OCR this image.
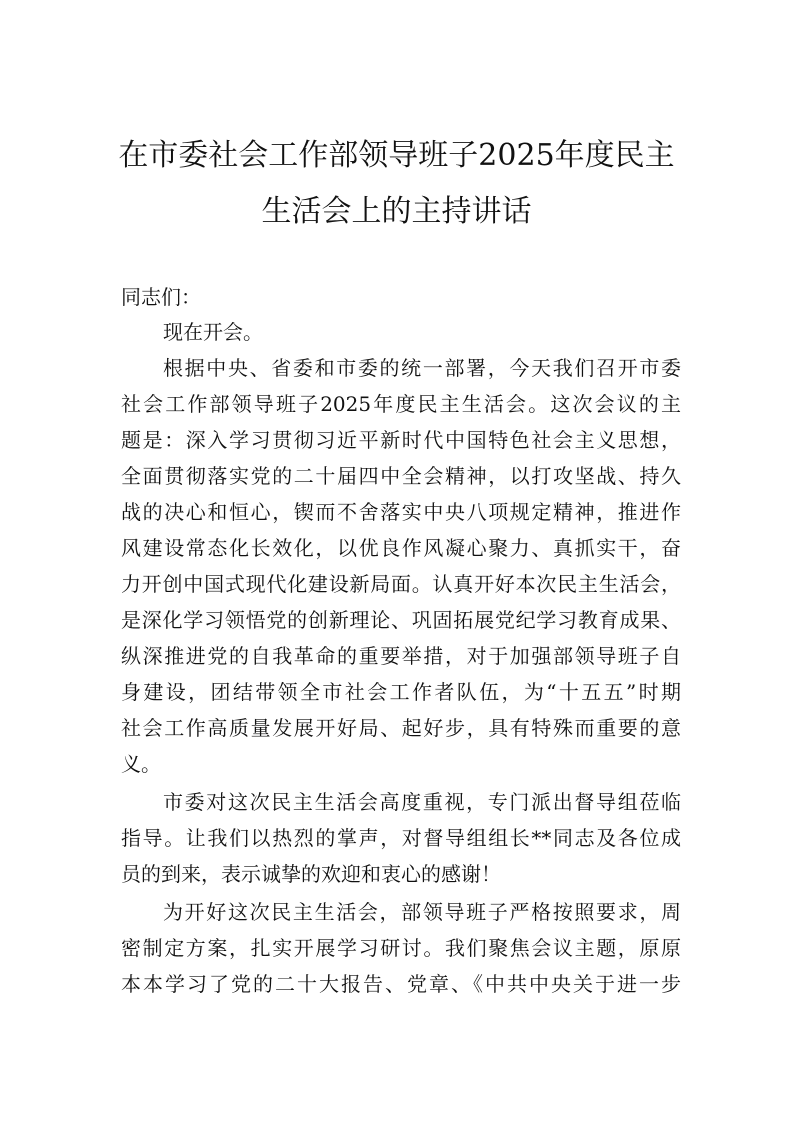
在市委社会工作部领导班子2025年度民主
生活会上的主持讲话
同志们：
现在开会。
根据中央、省委和市委的统一部署，今天我们召开市委
社会工作部领导班子2025年度民主生活会。这次会议的主
题是：深入学习贯彻习近平新时代中国特色社会主义思想，
全面贯彻落实党的二十届四中全会精神，以打攻坚战、持久
战的决心和恒心，锲而不舍落实中央八项规定精神，推进作
风建设常态化长效化，以优良作风凝心聚力、真抓实干，奋
力开创中国式现代化建设新局面。认真开好本次民主生活会，
是深化学习领悟党的创新理论、巩固拓展党纪学习教育成果、
纵深推进党的自我革命的重要举措，对于加强部领导班子自
身建设，团结带领全市社会工作者队伍，为“十五五”时期
社会工作高质量发展开好局、起好步，具有特殊而重要的意
义。
市委对这次民主生活会高度重视，专门派出督导组莅临
指导。让我们以热烈的掌声，对督导组组长**同志及各位成
员的到来，表示诚挚的欢迎和衷心的感谢！
为开好这次民主生活会，部领导班子严格按照要求，周
密制定方案，扎实开展学习研讨。我们聚焦会议主题，原原
本本学习了党的二十大报告、党章、《中共中央关于进一步
